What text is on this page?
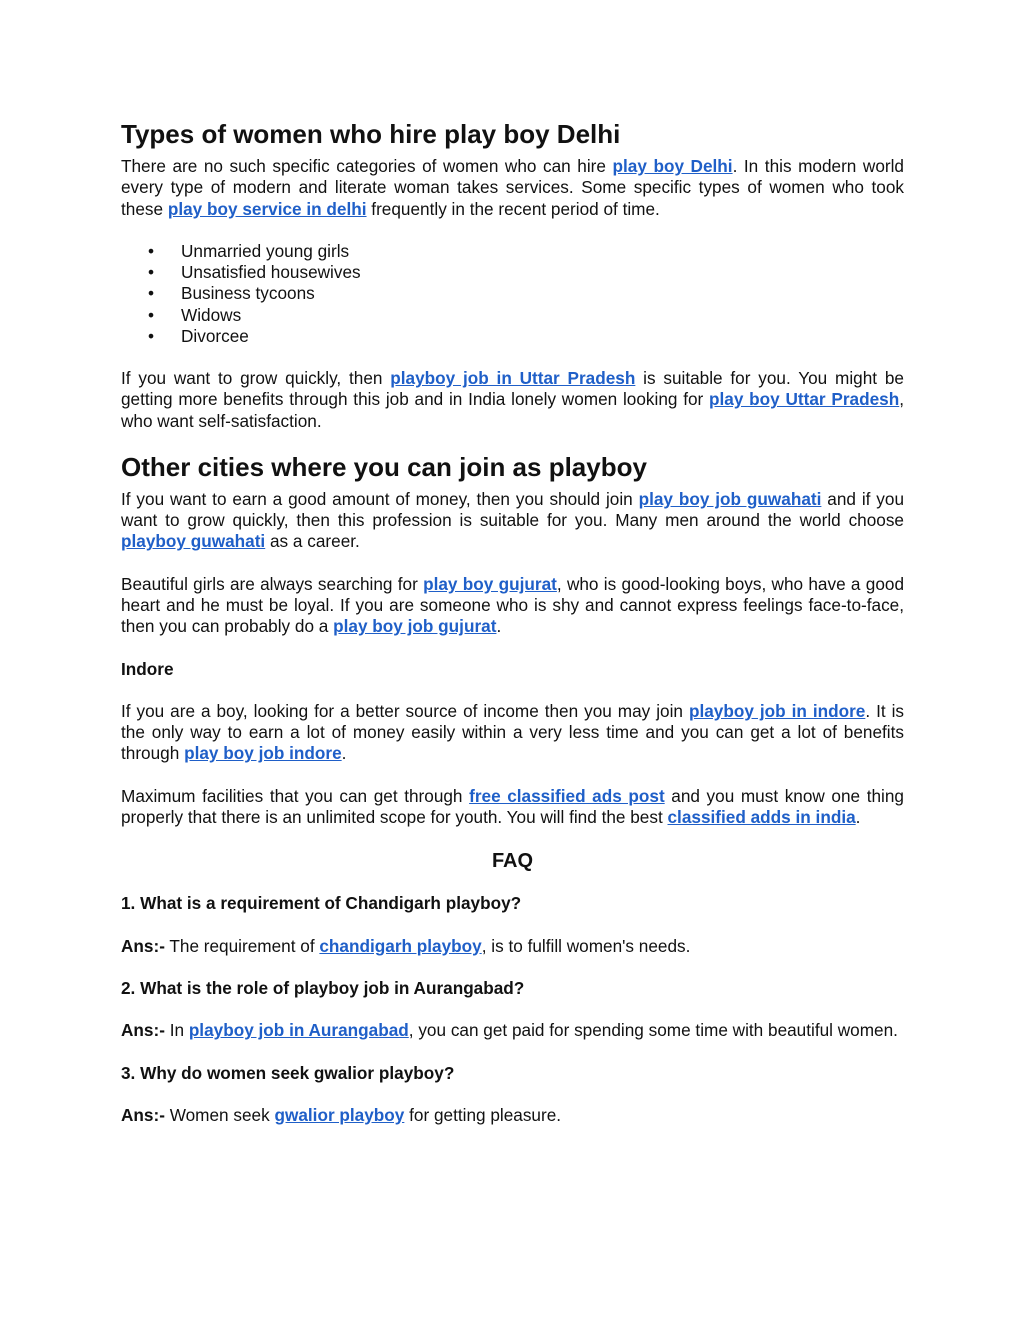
Types of women who hire play boy Delhi

There are no such specific categories of women who can hire play boy Delhi. In this modern world every type of modern and literate woman takes services. Some specific types of women who took these play boy service in delhi frequently in the recent period of time.

• Unmarried young girls
• Unsatisfied housewives
• Business tycoons
• Widows
• Divorcee

If you want to grow quickly, then playboy job in Uttar Pradesh is suitable for you. You might be getting more benefits through this job and in India lonely women looking for play boy Uttar Pradesh, who want self-satisfaction.

Other cities where you can join as playboy

If you want to earn a good amount of money, then you should join play boy job guwahati and if you want to grow quickly, then this profession is suitable for you. Many men around the world choose playboy guwahati as a career.

Beautiful girls are always searching for play boy gujurat, who is good-looking boys, who have a good heart and he must be loyal. If you are someone who is shy and cannot express feelings face-to-face, then you can probably do a play boy job gujurat.

Indore

If you are a boy, looking for a better source of income then you may join playboy job in indore. It is the only way to earn a lot of money easily within a very less time and you can get a lot of benefits through play boy job indore.

Maximum facilities that you can get through free classified ads post and you must know one thing properly that there is an unlimited scope for youth. You will find the best classified adds in india.

FAQ

1. What is a requirement of Chandigarh playboy?

Ans:- The requirement of chandigarh playboy, is to fulfill women's needs.

2. What is the role of playboy job in Aurangabad?

Ans:- In playboy job in Aurangabad, you can get paid for spending some time with beautiful women.

3. Why do women seek gwalior playboy?

Ans:- Women seek gwalior playboy for getting pleasure.
